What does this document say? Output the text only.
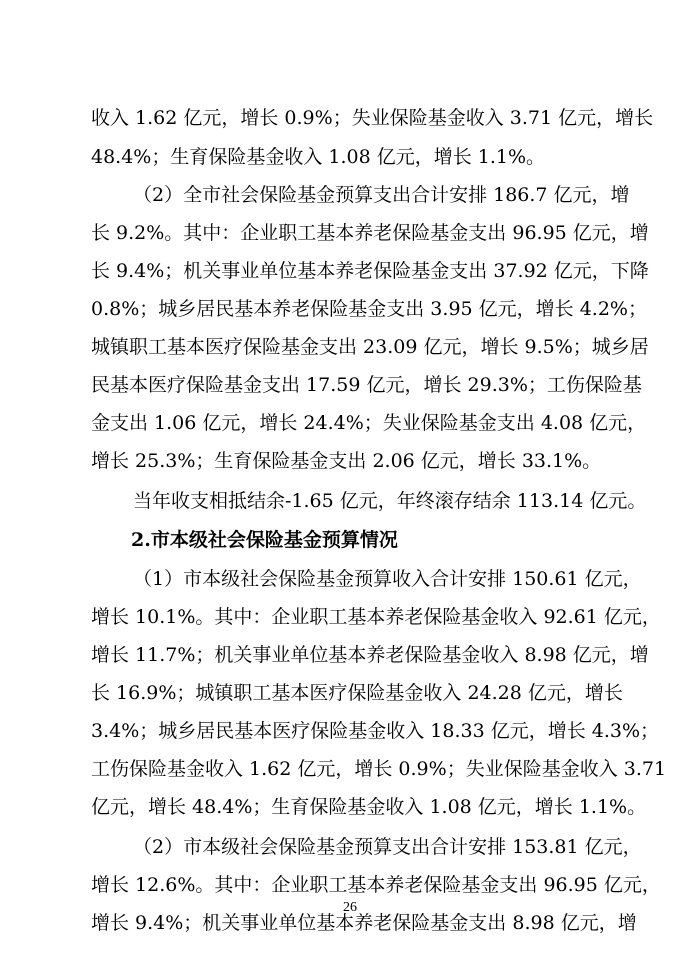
收入 1.62 亿元，增长 0.9%；失业保险基金收入 3.71 亿元，增长
48.4%；生育保险基金收入 1.08 亿元，增长 1.1%。
（2）全市社会保险基金预算支出合计安排 186.7 亿元，增
长 9.2%。其中：企业职工基本养老保险基金支出 96.95 亿元，增
长 9.4%；机关事业单位基本养老保险基金支出 37.92 亿元，下降
0.8%；城乡居民基本养老保险基金支出 3.95 亿元，增长 4.2%；
城镇职工基本医疗保险基金支出 23.09 亿元，增长 9.5%；城乡居
民基本医疗保险基金支出 17.59 亿元，增长 29.3%；工伤保险基
金支出 1.06 亿元，增长 24.4%；失业保险基金支出 4.08 亿元，
增长 25.3%；生育保险基金支出 2.06 亿元，增长 33.1%。
当年收支相抵结余-1.65 亿元，年终滚存结余 113.14 亿元。
2.市本级社会保险基金预算情况
（1）市本级社会保险基金预算收入合计安排 150.61 亿元，
增长 10.1%。其中：企业职工基本养老保险基金收入 92.61 亿元，
增长 11.7%；机关事业单位基本养老保险基金收入 8.98 亿元，增
长 16.9%；城镇职工基本医疗保险基金收入 24.28 亿元，增长
3.4%；城乡居民基本医疗保险基金收入 18.33 亿元，增长 4.3%；
工伤保险基金收入 1.62 亿元，增长 0.9%；失业保险基金收入 3.71
亿元，增长 48.4%；生育保险基金收入 1.08 亿元，增长 1.1%。
（2）市本级社会保险基金预算支出合计安排 153.81 亿元，
增长 12.6%。其中：企业职工基本养老保险基金支出 96.95 亿元，
增长 9.4%；机关事业单位基本养老保险基金支出 8.98 亿元，增
26
